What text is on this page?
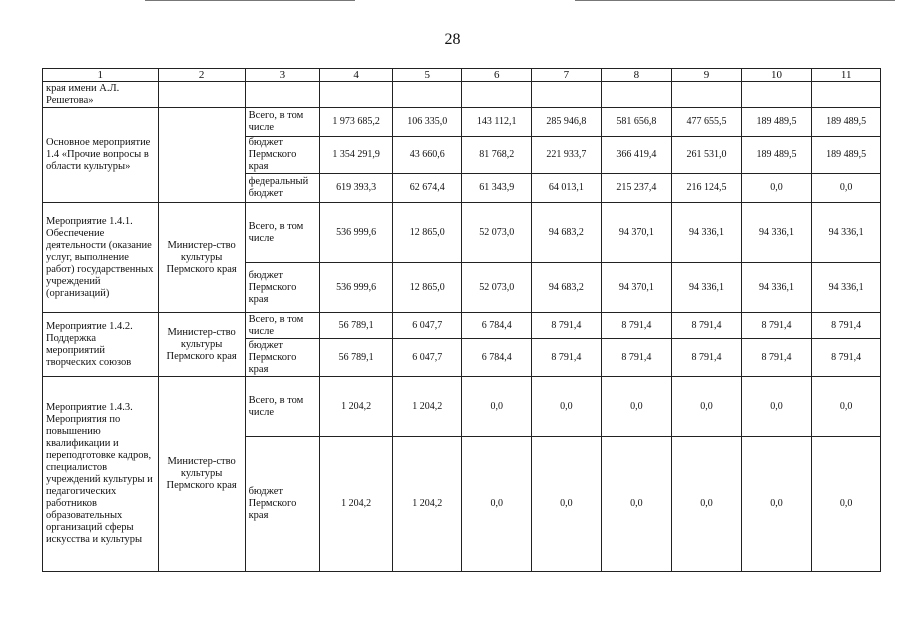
28
1	2	3	4	5	6	7	8	9	10	11
края имени А.Л. Решетова»										
Основное мероприятие 1.4 «Прочие вопросы в области культуры»		Всего, в том числе	1 973 685,2	106 335,0	143 112,1	285 946,8	581 656,8	477 655,5	189 489,5	189 489,5
		бюджет Пермского края	1 354 291,9	43 660,6	81 768,2	221 933,7	366 419,4	261 531,0	189 489,5	189 489,5
		федеральный бюджет	619 393,3	62 674,4	61 343,9	64 013,1	215 237,4	216 124,5	0,0	0,0
Мероприятие 1.4.1. Обеспечение деятельности (оказание услуг, выполнение работ) государственных учреждений (организаций)	Министер-ство культуры Пермского края	Всего, в том числе	536 999,6	12 865,0	52 073,0	94 683,2	94 370,1	94 336,1	94 336,1	94 336,1
		бюджет Пермского края	536 999,6	12 865,0	52 073,0	94 683,2	94 370,1	94 336,1	94 336,1	94 336,1
Мероприятие 1.4.2. Поддержка мероприятий творческих союзов	Министер-ство культуры Пермского края	Всего, в том числе	56 789,1	6 047,7	6 784,4	8 791,4	8 791,4	8 791,4	8 791,4	8 791,4
		бюджет Пермского края	56 789,1	6 047,7	6 784,4	8 791,4	8 791,4	8 791,4	8 791,4	8 791,4
Мероприятие 1.4.3. Мероприятия по повышению квалификации и переподготовке кадров, специалистов учреждений культуры и педагогических работников образовательных организаций сферы искусства и культуры	Министер-ство культуры Пермского края	Всего, в том числе	1 204,2	1 204,2	0,0	0,0	0,0	0,0	0,0	0,0
		бюджет Пермского края	1 204,2	1 204,2	0,0	0,0	0,0	0,0	0,0	0,0
